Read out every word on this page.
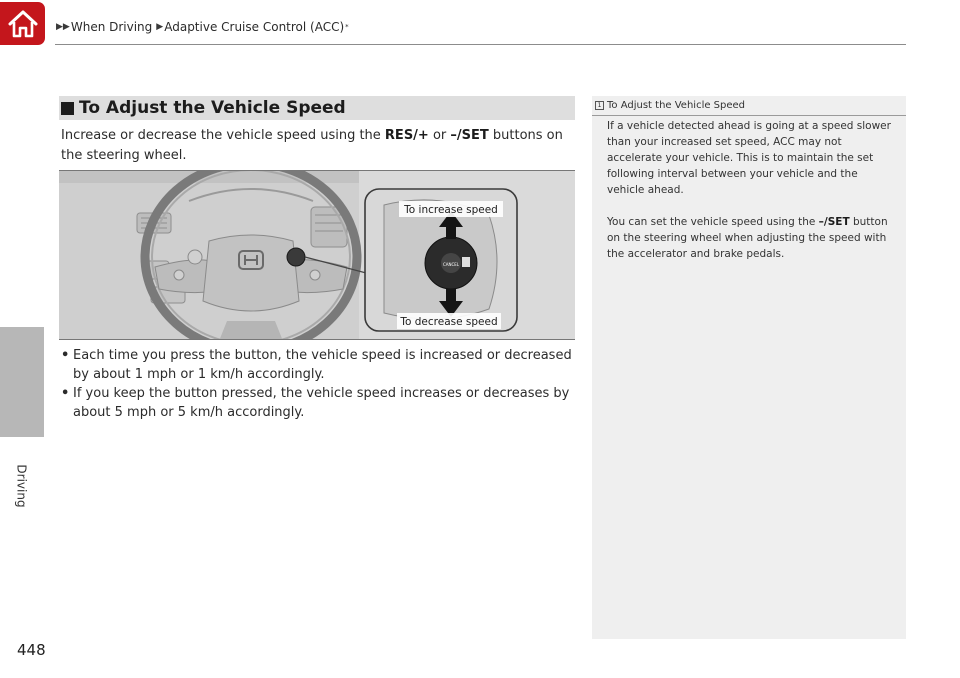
▶▶ When Driving ▶ Adaptive Cruise Control (ACC) *
Driving
448
To Adjust the Vehicle Speed
Increase or decrease the vehicle speed using the RES/+ or –/SET buttons on the steering wheel.
CANCEL
To increase speed
To decrease speed
• Each time you press the button, the vehicle speed is increased or decreased by about 1 mph or 1 km/h accordingly.
• If you keep the button pressed, the vehicle speed increases or decreases by about 5 mph or 5 km/h accordingly.
1 To Adjust the Vehicle Speed

If a vehicle detected ahead is going at a speed slower than your increased set speed, ACC may not accelerate your vehicle. This is to maintain the set following interval between your vehicle and the vehicle ahead.

You can set the vehicle speed using the –/SET button on the steering wheel when adjusting the speed with the accelerator and brake pedals.
